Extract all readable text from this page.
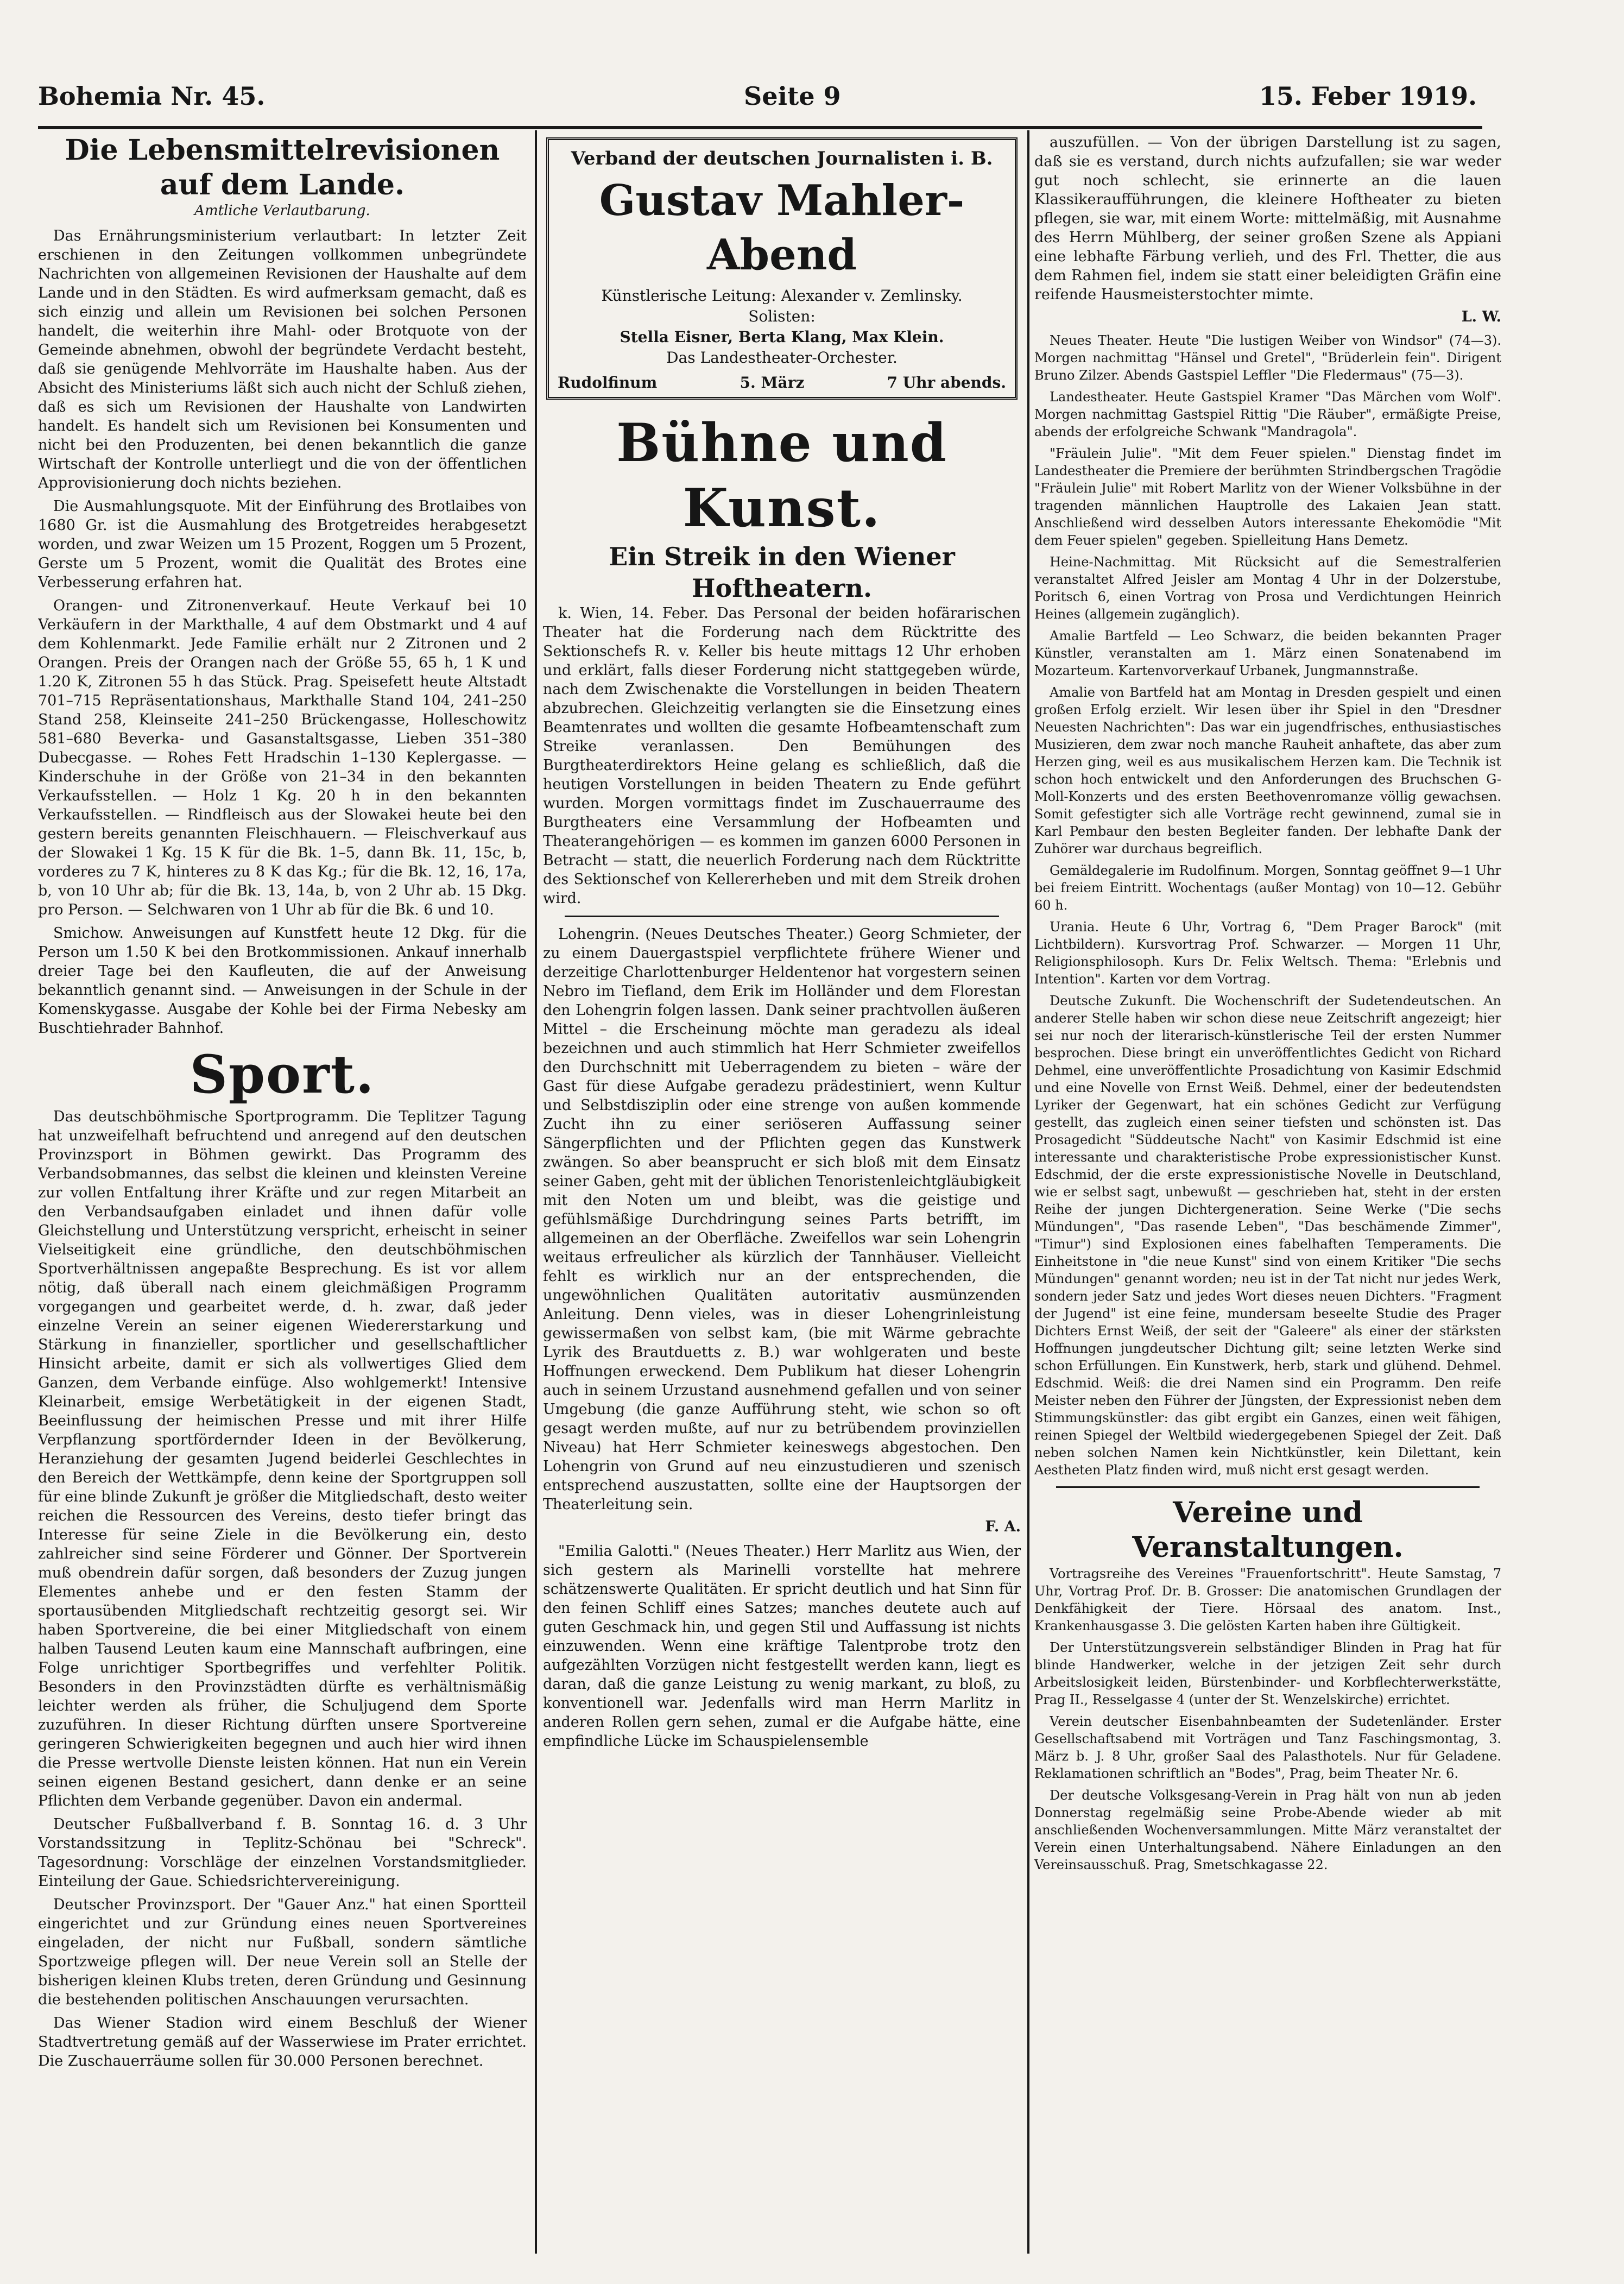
Bohemia Nr. 45.	Seite 9	15. Feber 1919.
Die Lebensmittelrevisionen auf dem Lande.
Amtliche Verlautbarung.

Das Ernährungsministerium verlautbart: In letzter Zeit erschienen in den Zeitungen vollkommen unbegründete Nachrichten von allgemeinen Revisionen der Haushalte auf dem Lande und in den Städten. Es wird aufmerksam gemacht, daß es sich einzig und allein um Revisionen bei solchen Personen handelt, die weiterhin ihre Mahl- oder Brotquote von der Gemeinde abnehmen, obwohl der begründete Verdacht besteht, daß sie genügende Mehlvorräte im Haushalte haben. Aus der Absicht des Ministeriums läßt sich auch nicht der Schluß ziehen, daß es sich um Revisionen der Haushalte von Landwirten handelt. Es handelt sich um Revisionen bei Konsumenten und nicht bei den Produzenten, bei denen bekanntlich die ganze Wirtschaft der Kontrolle unterliegt und die von der öffentlichen Approvisionierung doch nichts beziehen.

Die Ausmahlungsquote. Mit der Einführung des Brotlaibes von 1680 Gr. ist die Ausmahlung des Brotgetreides herabgesetzt worden, und zwar Weizen um 15 Prozent, Roggen um 5 Prozent, Gerste um 5 Prozent, womit die Qualität des Brotes eine Verbesserung erfahren hat.

Orangen- und Zitronenverkauf. Heute Verkauf bei 10 Verkäufern in der Markthalle, 4 auf dem Obstmarkt und 4 auf dem Kohlenmarkt. Jede Familie erhält nur 2 Zitronen und 2 Orangen. Preis der Orangen nach der Größe 55, 65 h, 1 K und 1.20 K, Zitronen 55 h das Stück. Prag. Speisefett heute Altstadt 701–715 Repräsentationshaus, Markthalle Stand 104, 241–250 Stand 258, Kleinseite 241–250 Brückengasse, Holleschowitz 581–680 Beverka- und Gasanstaltsgasse, Lieben 351–380 Dubecgasse. — Rohes Fett Hradschin 1–130 Keplergasse. — Kinderschuhe in der Größe von 21–34 in den bekannten Verkaufsstellen. — Holz 1 Kg. 20 h in den bekannten Verkaufsstellen. — Rindfleisch aus der Slowakei heute bei den gestern bereits genannten Fleischhauern. — Fleischverkauf aus der Slowakei 1 Kg. 15 K für die Bk. 1–5, dann Bk. 11, 15c, b, vorderes zu 7 K, hinteres zu 8 K das Kg.; für die Bk. 12, 16, 17a, b, von 10 Uhr ab; für die Bk. 13, 14a, b, von 2 Uhr ab. 15 Dkg. pro Person. — Selchwaren von 1 Uhr ab für die Bk. 6 und 10.

Smichow. Anweisungen auf Kunstfett heute 12 Dkg. für die Person um 1.50 K bei den Brotkommissionen. Ankauf innerhalb dreier Tage bei den Kaufleuten, die auf der Anweisung bekanntlich genannt sind. — Anweisungen in der Schule in der Komenskygasse. Ausgabe der Kohle bei der Firma Nebesky am Buschtiehrader Bahnhof.

Sport.

Das deutschböhmische Sportprogramm. Die Teplitzer Tagung hat unzweifelhaft befruchtend und anregend auf den deutschen Provinzsport in Böhmen gewirkt. Das Programm des Verbandsobmannes, das selbst die kleinen und kleinsten Vereine zur vollen Entfaltung ihrer Kräfte und zur regen Mitarbeit an den Verbandsaufgaben einladet und ihnen dafür volle Gleichstellung und Unterstützung verspricht, erheischt in seiner Vielseitigkeit eine gründliche, den deutschböhmischen Sportverhältnissen angepaßte Besprechung. Es ist vor allem nötig, daß überall nach einem gleichmäßigen Programm vorgegangen und gearbeitet werde, d. h. zwar, daß jeder einzelne Verein an seiner eigenen Wiedererstarkung und Stärkung in finanzieller, sportlicher und gesellschaftlicher Hinsicht arbeite, damit er sich als vollwertiges Glied dem Ganzen, dem Verbande einfüge. Also wohlgemerkt! Intensive Kleinarbeit, emsige Werbetätigkeit in der eigenen Stadt, Beeinflussung der heimischen Presse und mit ihrer Hilfe Verpflanzung sportfördernder Ideen in der Bevölkerung, Heranziehung der gesamten Jugend beiderlei Geschlechtes in den Bereich der Wettkämpfe, denn keine der Sportgruppen soll für eine blinde Zukunft je größer die Mitgliedschaft, desto weiter reichen die Ressourcen des Vereins, desto tiefer bringt das Interesse für seine Ziele in die Bevölkerung ein, desto zahlreicher sind seine Förderer und Gönner. Der Sportverein muß obendrein dafür sorgen, daß besonders der Zuzug jungen Elementes anhebe und er den festen Stamm der sportausübenden Mitgliedschaft rechtzeitig gesorgt sei. Wir haben Sportvereine, die bei einer Mitgliedschaft von einem halben Tausend Leuten kaum eine Mannschaft aufbringen, eine Folge unrichtiger Sportbegriffes und verfehlter Politik. Besonders in den Provinzstädten dürfte es verhältnismäßig leichter werden als früher, die Schuljugend dem Sporte zuzuführen. In dieser Richtung dürften unsere Sportvereine geringeren Schwierigkeiten begegnen und auch hier wird ihnen die Presse wertvolle Dienste leisten können. Hat nun ein Verein seinen eigenen Bestand gesichert, dann denke er an seine Pflichten dem Verbande gegenüber. Davon ein andermal.

Deutscher Fußballverband f. B. Sonntag 16. d. 3 Uhr Vorstandssitzung in Teplitz-Schönau bei "Schreck". Tagesordnung: Vorschläge der einzelnen Vorstandsmitglieder. Einteilung der Gaue. Schiedsrichtervereinigung.

Deutscher Provinzsport. Der "Gauer Anz." hat einen Sportteil eingerichtet und zur Gründung eines neuen Sportvereines eingeladen, der nicht nur Fußball, sondern sämtliche Sportzweige pflegen will. Der neue Verein soll an Stelle der bisherigen kleinen Klubs treten, deren Gründung und Gesinnung die bestehenden politischen Anschauungen verursachten.

Das Wiener Stadion wird einem Beschluß der Wiener Stadtvertretung gemäß auf der Wasserwiese im Prater errichtet. Die Zuschauerräume sollen für 30.000 Personen berechnet.

Verband der deutschen Journalisten i. B.
Gustav Mahler-Abend
Künstlerische Leitung: Alexander v. Zemlinsky.
Solisten:
Stella Eisner, Berta Klang, Max Klein.
Das Landestheater-Orchester.
Rudolfinum	5. März	7 Uhr abends.
Bühne und Kunst.
Ein Streik in den Wiener Hoftheatern.

k. Wien, 14. Feber. Das Personal der beiden hofärarischen Theater hat die Forderung nach dem Rücktritte des Sektionschefs R. v. Keller bis heute mittags 12 Uhr erhoben und erklärt, falls dieser Forderung nicht stattgegeben würde, nach dem Zwischenakte die Vorstellungen in beiden Theatern abzubrechen. Gleichzeitig verlangten sie die Einsetzung eines Beamtenrates und wollten die gesamte Hofbeamtenschaft zum Streike veranlassen. Den Bemühungen des Burgtheaterdirektors Heine gelang es schließlich, daß die heutigen Vorstellungen in beiden Theatern zu Ende geführt wurden. Morgen vormittags findet im Zuschauerraume des Burgtheaters eine Versammlung der Hofbeamten und Theaterangehörigen — es kommen im ganzen 6000 Personen in Betracht — statt, die neuerlich Forderung nach dem Rücktritte des Sektionschef von Kellererheben und mit dem Streik drohen wird.

Lohengrin. (Neues Deutsches Theater.) Georg Schmieter, der zu einem Dauergastspiel verpflichtete frühere Wiener und derzeitige Charlottenburger Heldentenor hat vorgestern seinen Nebro im Tiefland, dem Erik im Holländer und dem Florestan den Lohengrin folgen lassen. Dank seiner prachtvollen äußeren Mittel – die Erscheinung möchte man geradezu als ideal bezeichnen und auch stimmlich hat Herr Schmieter zweifellos den Durchschnitt mit Ueberragendem zu bieten – wäre der Gast für diese Aufgabe geradezu prädestiniert, wenn Kultur und Selbstdisziplin oder eine strenge von außen kommende Zucht ihn zu einer seriöseren Auffassung seiner Sängerpflichten und der Pflichten gegen das Kunstwerk zwängen. So aber beansprucht er sich bloß mit dem Einsatz seiner Gaben, geht mit der üblichen Tenoristenleichtgläubigkeit mit den Noten um und bleibt, was die geistige und gefühlsmäßige Durchdringung seines Parts betrifft, im allgemeinen an der Oberfläche. Zweifellos war sein Lohengrin weitaus erfreulicher als kürzlich der Tannhäuser. Vielleicht fehlt es wirklich nur an der entsprechenden, die ungewöhnlichen Qualitäten autoritativ ausmünzenden Anleitung. Denn vieles, was in dieser Lohengrinleistung gewissermaßen von selbst kam, (bie mit Wärme gebrachte Lyrik des Brautduetts z. B.) war wohlgeraten und beste Hoffnungen erweckend. Dem Publikum hat dieser Lohengrin auch in seinem Urzustand ausnehmend gefallen und von seiner Umgebung (die ganze Aufführung steht, wie schon so oft gesagt werden mußte, auf nur zu betrübendem provinziellen Niveau) hat Herr Schmieter keineswegs abgestochen. Den Lohengrin von Grund auf neu einzustudieren und szenisch entsprechend auszustatten, sollte eine der Hauptsorgen der Theaterleitung sein.

F. A.

"Emilia Galotti." (Neues Theater.) Herr Marlitz aus Wien, der sich gestern als Marinelli vorstellte hat mehrere schätzenswerte Qualitäten. Er spricht deutlich und hat Sinn für den feinen Schliff eines Satzes; manches deutete auch auf guten Geschmack hin, und gegen Stil und Auffassung ist nichts einzuwenden. Wenn eine kräftige Talentprobe trotz den aufgezählten Vorzügen nicht festgestellt werden kann, liegt es daran, daß die ganze Leistung zu wenig markant, zu bloß, zu konventionell war. Jedenfalls wird man Herrn Marlitz in anderen Rollen gern sehen, zumal er die Aufgabe hätte, eine empfindliche Lücke im Schauspielensemble

auszufüllen. — Von der übrigen Darstellung ist zu sagen, daß sie es verstand, durch nichts aufzufallen; sie war weder gut noch schlecht, sie erinnerte an die lauen Klassikeraufführungen, die kleinere Hoftheater zu bieten pflegen, sie war, mit einem Worte: mittelmäßig, mit Ausnahme des Herrn Mühlberg, der seiner großen Szene als Appiani eine lebhafte Färbung verlieh, und des Frl. Thetter, die aus dem Rahmen fiel, indem sie statt einer beleidigten Gräfin eine reifende Hausmeisterstochter mimte.

L. W.

Neues Theater. Heute "Die lustigen Weiber von Windsor" (74—3). Morgen nachmittag "Hänsel und Gretel", "Brüderlein fein". Dirigent Bruno Zilzer. Abends Gastspiel Leffler "Die Fledermaus" (75—3).

Landestheater. Heute Gastspiel Kramer "Das Märchen vom Wolf". Morgen nachmittag Gastspiel Rittig "Die Räuber", ermäßigte Preise, abends der erfolgreiche Schwank "Mandragola".

"Fräulein Julie". "Mit dem Feuer spielen." Dienstag findet im Landestheater die Premiere der berühmten Strindbergschen Tragödie "Fräulein Julie" mit Robert Marlitz von der Wiener Volksbühne in der tragenden männlichen Hauptrolle des Lakaien Jean statt. Anschließend wird desselben Autors interessante Ehekomödie "Mit dem Feuer spielen" gegeben. Spielleitung Hans Demetz.

Heine-Nachmittag. Mit Rücksicht auf die Semestralferien veranstaltet Alfred Jeisler am Montag 4 Uhr in der Dolzerstube, Poritsch 6, einen Vortrag von Prosa und Verdichtungen Heinrich Heines (allgemein zugänglich).

Amalie Bartfeld — Leo Schwarz, die beiden bekannten Prager Künstler, veranstalten am 1. März einen Sonatenabend im Mozarteum. Kartenvorverkauf Urbanek, Jungmannstraße.

Amalie von Bartfeld hat am Montag in Dresden gespielt und einen großen Erfolg erzielt. Wir lesen über ihr Spiel in den "Dresdner Neuesten Nachrichten": Das war ein jugendfrisches, enthusiastisches Musizieren, dem zwar noch manche Rauheit anhaftete, das aber zum Herzen ging, weil es aus musikalischem Herzen kam. Die Technik ist schon hoch entwickelt und den Anforderungen des Bruchschen G-Moll-Konzerts und des ersten Beethovenromanze völlig gewachsen. Somit gefestigter sich alle Vorträge recht gewinnend, zumal sie in Karl Pembaur den besten Begleiter fanden. Der lebhafte Dank der Zuhörer war durchaus begreiflich.

Gemäldegalerie im Rudolfinum. Morgen, Sonntag geöffnet 9—1 Uhr bei freiem Eintritt. Wochentags (außer Montag) von 10—12. Gebühr 60 h.

Urania. Heute 6 Uhr, Vortrag 6, "Dem Prager Barock" (mit Lichtbildern). Kursvortrag Prof. Schwarzer. — Morgen 11 Uhr, Religionsphilosoph. Kurs Dr. Felix Weltsch. Thema: "Erlebnis und Intention". Karten vor dem Vortrag.

Deutsche Zukunft. Die Wochenschrift der Sudetendeutschen. An anderer Stelle haben wir schon diese neue Zeitschrift angezeigt; hier sei nur noch der literarisch-künstlerische Teil der ersten Nummer besprochen. Diese bringt ein unveröffentlichtes Gedicht von Richard Dehmel, eine unveröffentlichte Prosadichtung von Kasimir Edschmid und eine Novelle von Ernst Weiß. Dehmel, einer der bedeutendsten Lyriker der Gegenwart, hat ein schönes Gedicht zur Verfügung gestellt, das zugleich einen seiner tiefsten und schönsten ist. Das Prosagedicht "Süddeutsche Nacht" von Kasimir Edschmid ist eine interessante und charakteristische Probe expressionistischer Kunst. Edschmid, der die erste expressionistische Novelle in Deutschland, wie er selbst sagt, unbewußt — geschrieben hat, steht in der ersten Reihe der jungen Dichtergeneration. Seine Werke ("Die sechs Mündungen", "Das rasende Leben", "Das beschämende Zimmer", "Timur") sind Explosionen eines fabelhaften Temperaments. Die Einheitstone in "die neue Kunst" sind von einem Kritiker "Die sechs Mündungen" genannt worden; neu ist in der Tat nicht nur jedes Werk, sondern jeder Satz und jedes Wort dieses neuen Dichters. "Fragment der Jugend" ist eine feine, mundersam beseelte Studie des Prager Dichters Ernst Weiß, der seit der "Galeere" als einer der stärksten Hoffnungen jungdeutscher Dichtung gilt; seine letzten Werke sind schon Erfüllungen. Ein Kunstwerk, herb, stark und glühend. Dehmel. Edschmid. Weiß: die drei Namen sind ein Programm. Den reife Meister neben den Führer der Jüngsten, der Expressionist neben dem Stimmungskünstler: das gibt ergibt ein Ganzes, einen weit fähigen, reinen Spiegel der Weltbild wiedergegebenen Spiegel der Zeit. Daß neben solchen Namen kein Nichtkünstler, kein Dilettant, kein Aestheten Platz finden wird, muß nicht erst gesagt werden.

Vereine und Veranstaltungen.

Vortragsreihe des Vereines "Frauenfortschritt". Heute Samstag, 7 Uhr, Vortrag Prof. Dr. B. Grosser: Die anatomischen Grundlagen der Denkfähigkeit der Tiere. Hörsaal des anatom. Inst., Krankenhausgasse 3. Die gelösten Karten haben ihre Gültigkeit.

Der Unterstützungsverein selbständiger Blinden in Prag hat für blinde Handwerker, welche in der jetzigen Zeit sehr durch Arbeitslosigkeit leiden, Bürstenbinder- und Korbflechterwerkstätte, Prag II., Resselgasse 4 (unter der St. Wenzelskirche) errichtet.

Verein deutscher Eisenbahnbeamten der Sudetenländer. Erster Gesellschaftsabend mit Vorträgen und Tanz Faschingsmontag, 3. März b. J. 8 Uhr, großer Saal des Palasthotels. Nur für Geladene. Reklamationen schriftlich an "Bodes", Prag, beim Theater Nr. 6.

Der deutsche Volksgesang-Verein in Prag hält von nun ab jeden Donnerstag regelmäßig seine Probe-Abende wieder ab mit anschließenden Wochenversammlungen. Mitte März veranstaltet der Verein einen Unterhaltungsabend. Nähere Einladungen an den Vereinsausschuß. Prag, Smetschkagasse 22.
